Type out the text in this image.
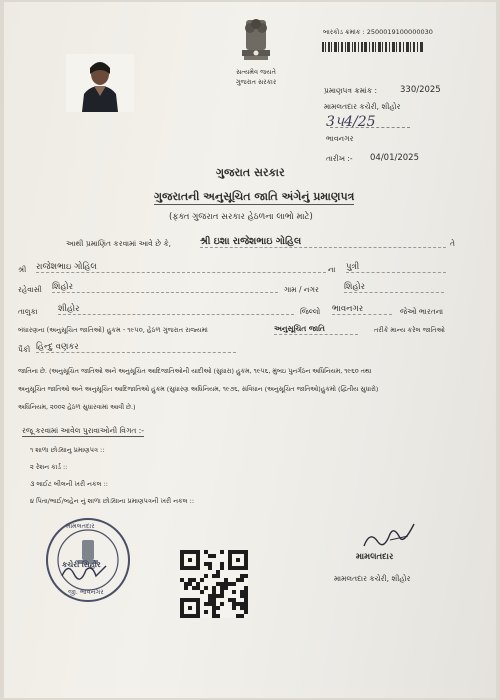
સત્યમેવ જયતે
ગુજરાત સરકાર
બારકોડ ક્રમાંક : 2500019100000030
પ્રમાણપત્ર ક્રમાંક :	330/2025
મામલતદાર કચેરી, શીહોર
3૫4/25
ભાવનગર
તારીખ :- 04/01/2025
ગુજરાત સરકાર
ગુજરાતની અનુસૂચિત જાતિ અંગેનું પ્રમાણપત્ર
(ફક્ત ગુજરાત સરકાર હેઠળના લાભો માટે)
આથી પ્રમાણિત કરવામાં આવે છે કે,	શ્રી ઇશા રાજેશભાઇ ગોહિલ	તે
શ્રી રાજેશભાઇ ગોહિલ	ના પુત્રી
રહેવાસી શિહોર	ગામ / નગર	શિહોર
તાલુકા શીહોર	જિલ્લો ભાવનગર	જેઓ ભારતના
બંધારણના (અનુસૂચિત જાતિઓ) હુકમ - ૧૯૫૦, હેઠળ ગુજરાત રાજ્યમાં	અનુસૂચિત જાતિ	તરીકે માન્ય કરેલ જાતિઓ
પૈકી હિન્દુ વણકર
જાતિના છે. (અનુસૂચિત જાતિઓ અને અનુસૂચિત આદિજાતિઓની યાદીઓ (સુધારા) હુકમ, ૧૯૫૬, મુંબઇ પુનર્ગઠન અધિનિયમ, ૧૯૬૦ તથા
અનુસૂચિત જાતિઓ અને અનુસૂચિત આદિજાતિઓ હુકમ (સુધારણ અધિનિયમ, ૧૯૭૬, સંવિધાન (અનુસૂચિત જાતિઓ)હુકમો (દ્વિતીય સુધારો)
અધિનિયમ, ૨૦૦૨ હેઠળ સુધારવામાં આવી છે.)
રજૂ કરવામાં આવેલ પુરાવાઓની વિગત :-
૧ શાળા છોડ્યાનુ પ્રમાણપત્ર ::
૨ રેશન કાર્ડ ::
૩ લાઈટ બીલની ખરી નકલ ::
૪ પિતા/ભાઈ/બહેન નું શાળા છોડ્યાના પ્રમાણપત્રની ખરી નકલ ::
મામલતદાર
કચેરી સિહોર
જી. ભાવનગર
મામલતદાર
મામલતદાર કચેરી, શીહોર
